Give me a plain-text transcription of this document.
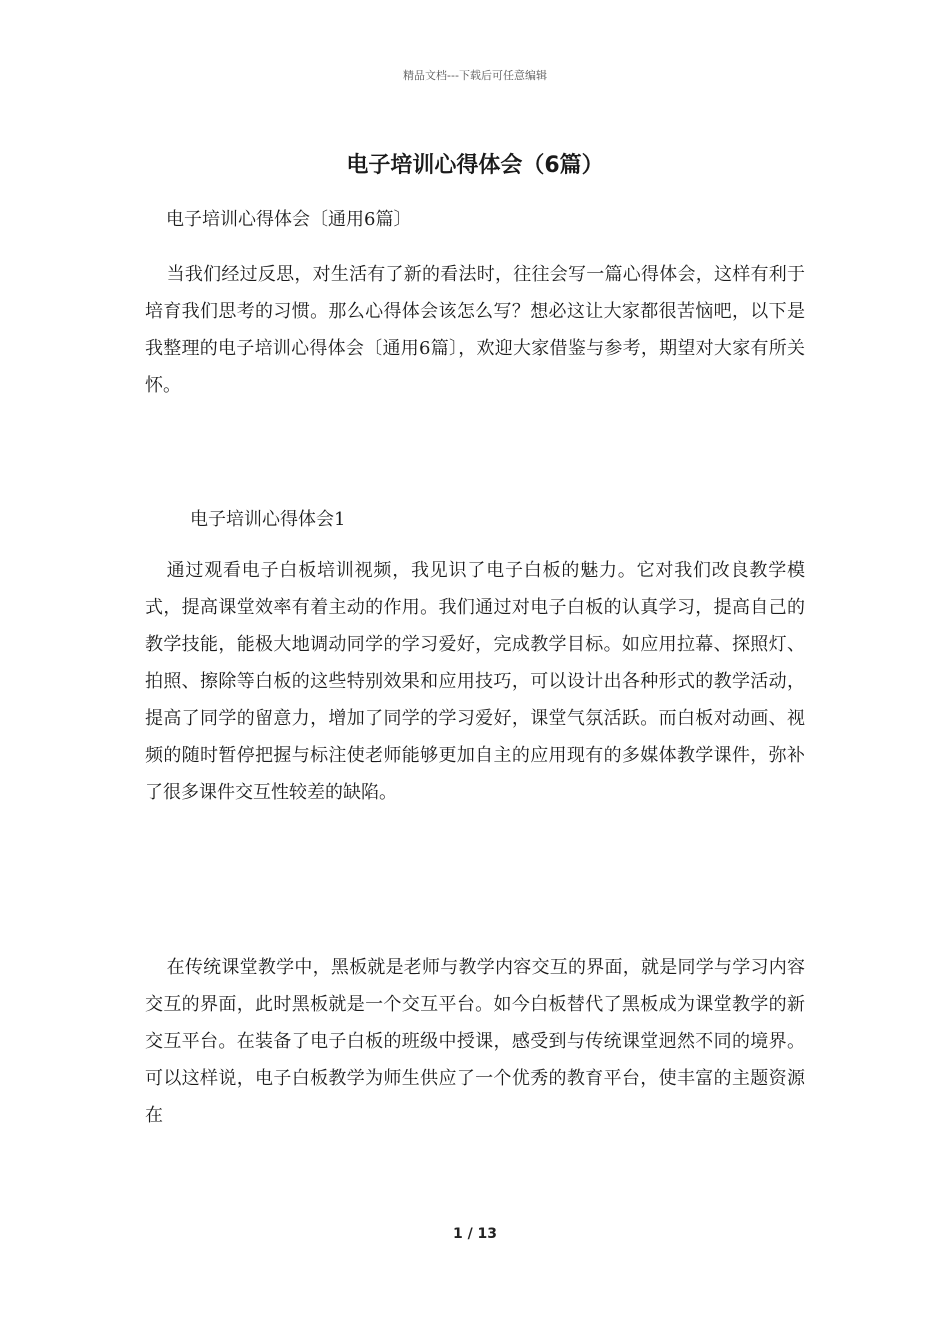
精品文档---下载后可任意编辑
电子培训心得体会（6篇）

电子培训心得体会〔通用6篇〕

当我们经过反思，对生活有了新的看法时，往往会写一篇心得体会，这样有利于培育我们思考的习惯。那么心得体会该怎么写？想必这让大家都很苦恼吧，以下是我整理的电子培训心得体会〔通用6篇〕，欢迎大家借鉴与参考，期望对大家有所关怀。

电子培训心得体会1

通过观看电子白板培训视频，我见识了电子白板的魅力。它对我们改良教学模式，提高课堂效率有着主动的作用。我们通过对电子白板的认真学习，提高自己的教学技能，能极大地调动同学的学习爱好，完成教学目标。如应用拉幕、探照灯、拍照、擦除等白板的这些特别效果和应用技巧，可以设计出各种形式的教学活动，提高了同学的留意力，增加了同学的学习爱好，课堂气氛活跃。而白板对动画、视频的随时暂停把握与标注使老师能够更加自主的应用现有的多媒体教学课件，弥补了很多课件交互性较差的缺陷。

在传统课堂教学中，黑板就是老师与教学内容交互的界面，就是同学与学习内容交互的界面，此时黑板就是一个交互平台。如今白板替代了黑板成为课堂教学的新交互平台。在装备了电子白板的班级中授课，感受到与传统课堂迥然不同的境界。可以这样说，电子白板教学为师生供应了一个优秀的教育平台，使丰富的主题资源在

1 / 13
